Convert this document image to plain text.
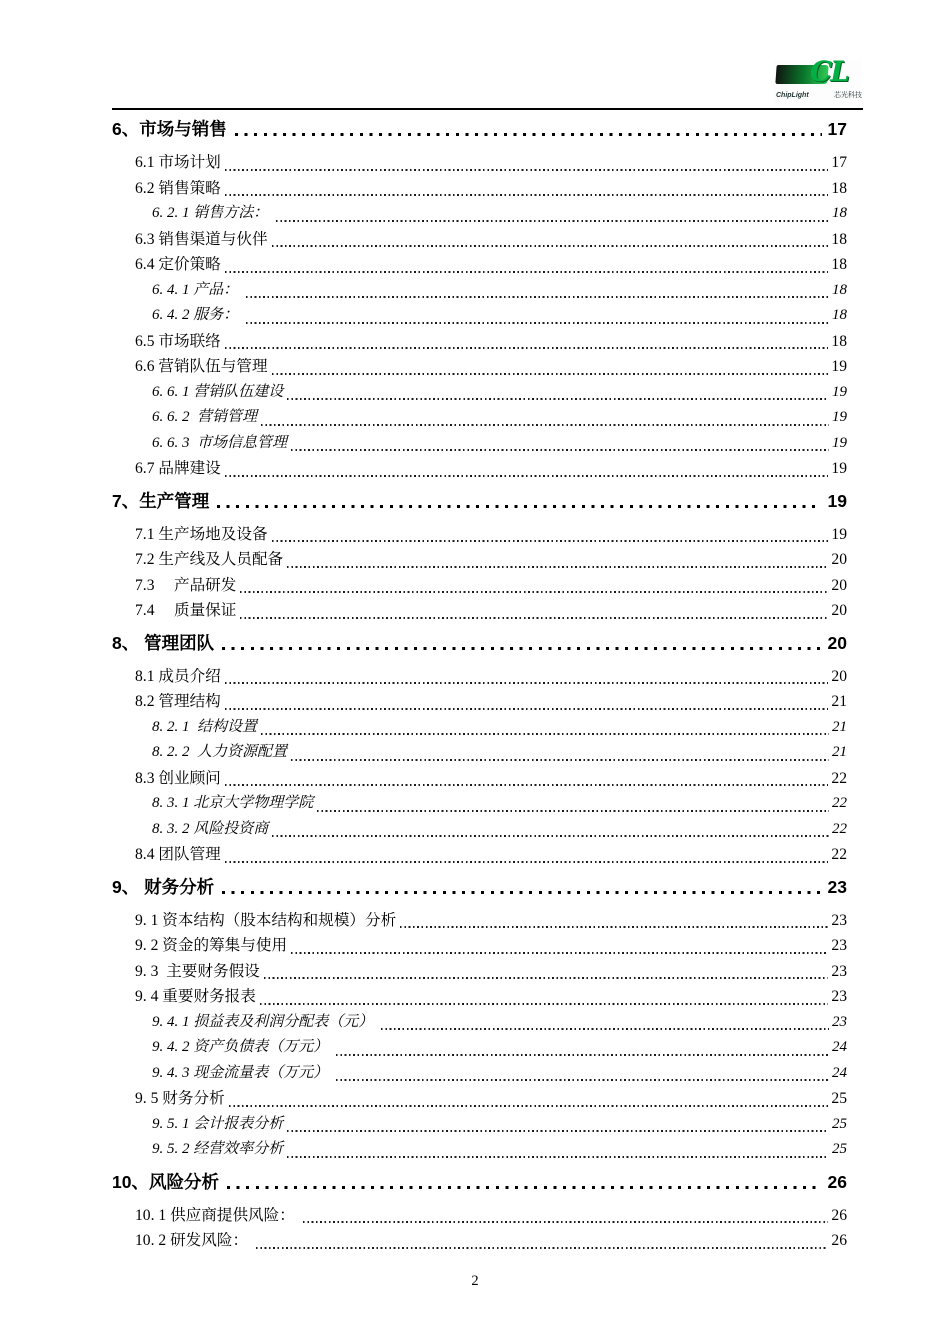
CL
ChipLight	芯光科技
6、市场与销售	17
6.1 市场计划	17
6.2 销售策略	18
6. 2. 1 销售方法：	18
6.3 销售渠道与伙伴	18
6.4 定价策略	18
6. 4. 1 产品：	18
6. 4. 2 服务：	18
6.5 市场联络	18
6.6 营销队伍与管理	19
6. 6. 1 营销队伍建设	19
6. 6. 2  营销管理	19
6. 6. 3  市场信息管理	19
6.7 品牌建设	19
7、生产管理	19
7.1 生产场地及设备	19
7.2 生产线及人员配备	20
7.3　 产品研发	20
7.4　 质量保证	20
8、 管理团队	20
8.1 成员介绍	20
8.2 管理结构	21
8. 2. 1  结构设置	21
8. 2. 2  人力资源配置	21
8.3 创业顾问	22
8. 3. 1 北京大学物理学院	22
8. 3. 2 风险投资商	22
8.4 团队管理	22
9、 财务分析	23
9. 1 资本结构（股本结构和规模）分析	23
9. 2 资金的筹集与使用	23
9. 3  主要财务假设	23
9. 4 重要财务报表	23
9. 4. 1 损益表及利润分配表（元）	23
9. 4. 2 资产负债表（万元）	24
9. 4. 3 现金流量表（万元）	24
9. 5 财务分析	25
9. 5. 1 会计报表分析	25
9. 5. 2 经营效率分析	25
10、风险分析	26
10. 1 供应商提供风险：	26
10. 2 研发风险：	26
2
